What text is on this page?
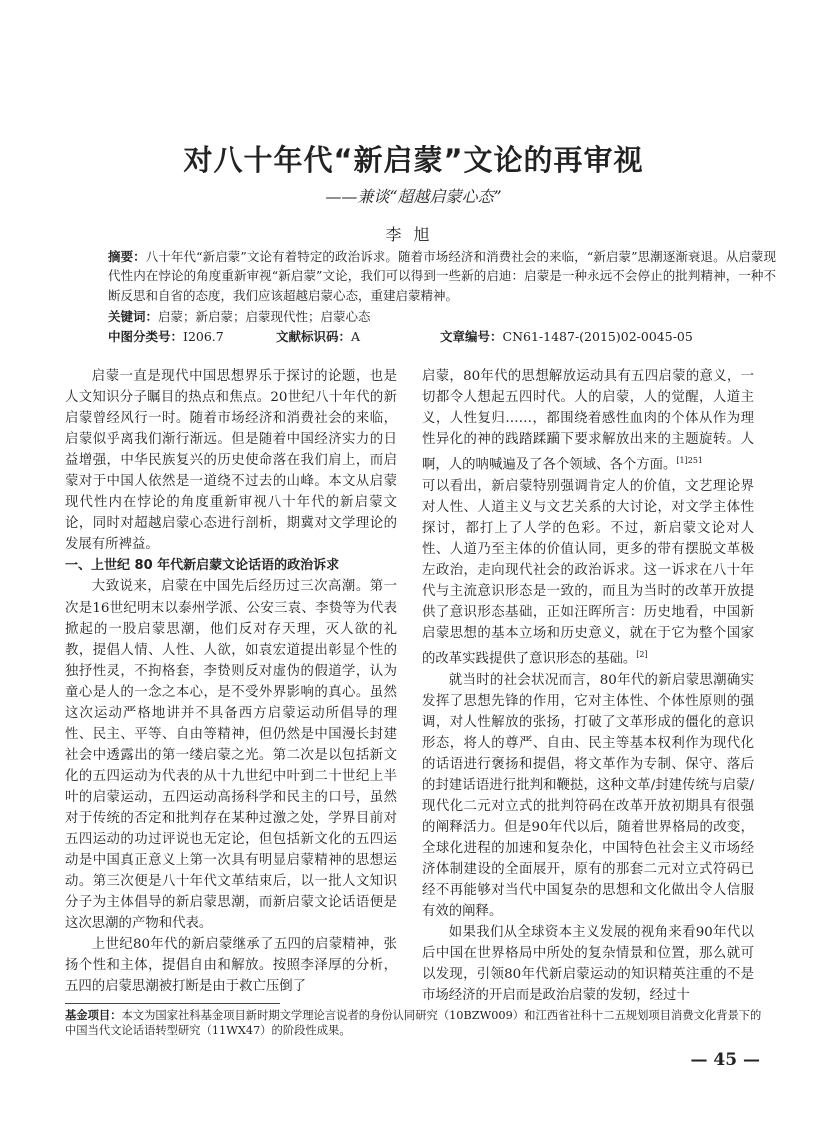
对八十年代“新启蒙”文论的再审视
——兼谈“超越启蒙心态”
李旭
摘要：八十年代“新启蒙”文论有着特定的政治诉求。随着市场经济和消费社会的来临，“新启蒙”思潮逐渐衰退。从启蒙现代性内在悖论的角度重新审视“新启蒙”文论，我们可以得到一些新的启迪：启蒙是一种永远不会停止的批判精神，一种不断反思和自省的态度，我们应该超越启蒙心态，重建启蒙精神。
关键词：启蒙；新启蒙；启蒙现代性；启蒙心态
中图分类号：I206.7	文献标识码：A	文章编号：CN61-1487-(2015)02-0045-05

启蒙一直是现代中国思想界乐于探讨的论题，也是人文知识分子瞩目的热点和焦点。20世纪八十年代的新启蒙曾经风行一时。随着市场经济和消费社会的来临，启蒙似乎离我们渐行渐远。但是随着中国经济实力的日益增强，中华民族复兴的历史使命落在我们肩上，而启蒙对于中国人依然是一道绕不过去的山峰。本文从启蒙现代性内在悖论的角度重新审视八十年代的新启蒙文论，同时对超越启蒙心态进行剖析，期冀对文学理论的发展有所裨益。

一、上世纪 80 年代新启蒙文论话语的政治诉求

大致说来，启蒙在中国先后经历过三次高潮。第一次是16世纪明末以泰州学派、公安三袁、李贽等为代表掀起的一股启蒙思潮，他们反对存天理，灭人欲的礼教，提倡人情、人性、人欲，如袁宏道提出彰显个性的独抒性灵，不拘格套，李贽则反对虚伪的假道学，认为童心是人的一念之本心，是不受外界影响的真心。虽然这次运动严格地讲并不具备西方启蒙运动所倡导的理性、民主、平等、自由等精神，但仍然是中国漫长封建社会中透露出的第一缕启蒙之光。第二次是以包括新文化的五四运动为代表的从十九世纪中叶到二十世纪上半叶的启蒙运动，五四运动高扬科学和民主的口号，虽然对于传统的否定和批判存在某种过激之处，学界目前对五四运动的功过评说也无定论，但包括新文化的五四运动是中国真正意义上第一次具有明显启蒙精神的思想运动。第三次便是八十年代文革结束后，以一批人文知识分子为主体倡导的新启蒙思潮，而新启蒙文论话语便是这次思潮的产物和代表。

上世纪80年代的新启蒙继承了五四的启蒙精神，张扬个性和主体，提倡自由和解放。按照李泽厚的分析，五四的启蒙思潮被打断是由于救亡压倒了

启蒙，80年代的思想解放运动具有五四启蒙的意义，一切都令人想起五四时代。人的启蒙，人的觉醒，人道主义，人性复归……，都围绕着感性血肉的个体从作为理性异化的神的践踏蹂躏下要求解放出来的主题旋转。人啊，人的呐喊遍及了各个领域、各个方面。$^{[1]251}$

可以看出，新启蒙特别强调肯定人的价值，文艺理论界对人性、人道主义与文艺关系的大讨论，对文学主体性探讨，都打上了人学的色彩。不过，新启蒙文论对人性、人道乃至主体的价值认同，更多的带有摆脱文革极左政治，走向现代社会的政治诉求。这一诉求在八十年代与主流意识形态是一致的，而且为当时的改革开放提供了意识形态基础，正如汪晖所言：历史地看，中国新启蒙思想的基本立场和历史意义，就在于它为整个国家的改革实践提供了意识形态的基础。[2]

就当时的社会状况而言，80年代的新启蒙思潮确实发挥了思想先锋的作用，它对主体性、个体性原则的强调，对人性解放的张扬，打破了文革形成的僵化的意识形态，将人的尊严、自由、民主等基本权利作为现代化的话语进行褒扬和提倡，将文革作为专制、保守、落后的封建话语进行批判和鞭挞，这种文革/封建传统与启蒙/现代化二元对立式的批判符码在改革开放初期具有很强的阐释活力。但是90年代以后，随着世界格局的改变，全球化进程的加速和复杂化，中国特色社会主义市场经济体制建设的全面展开，原有的那套二元对立式符码已经不再能够对当代中国复杂的思想和文化做出令人信服有效的阐释。

如果我们从全球资本主义发展的视角来看90年代以后中国在世界格局中所处的复杂情景和位置，那么就可以发现，引领80年代新启蒙运动的知识精英注重的不是市场经济的开启而是政治启蒙的发轫，经过十

基金项目：本文为国家社科基金项目新时期文学理论言说者的身份认同研究（10BZW009）和江西省社科十二五规划项目消费文化背景下的中国当代文论话语转型研究（11WX47）的阶段性成果。
— 45 —
